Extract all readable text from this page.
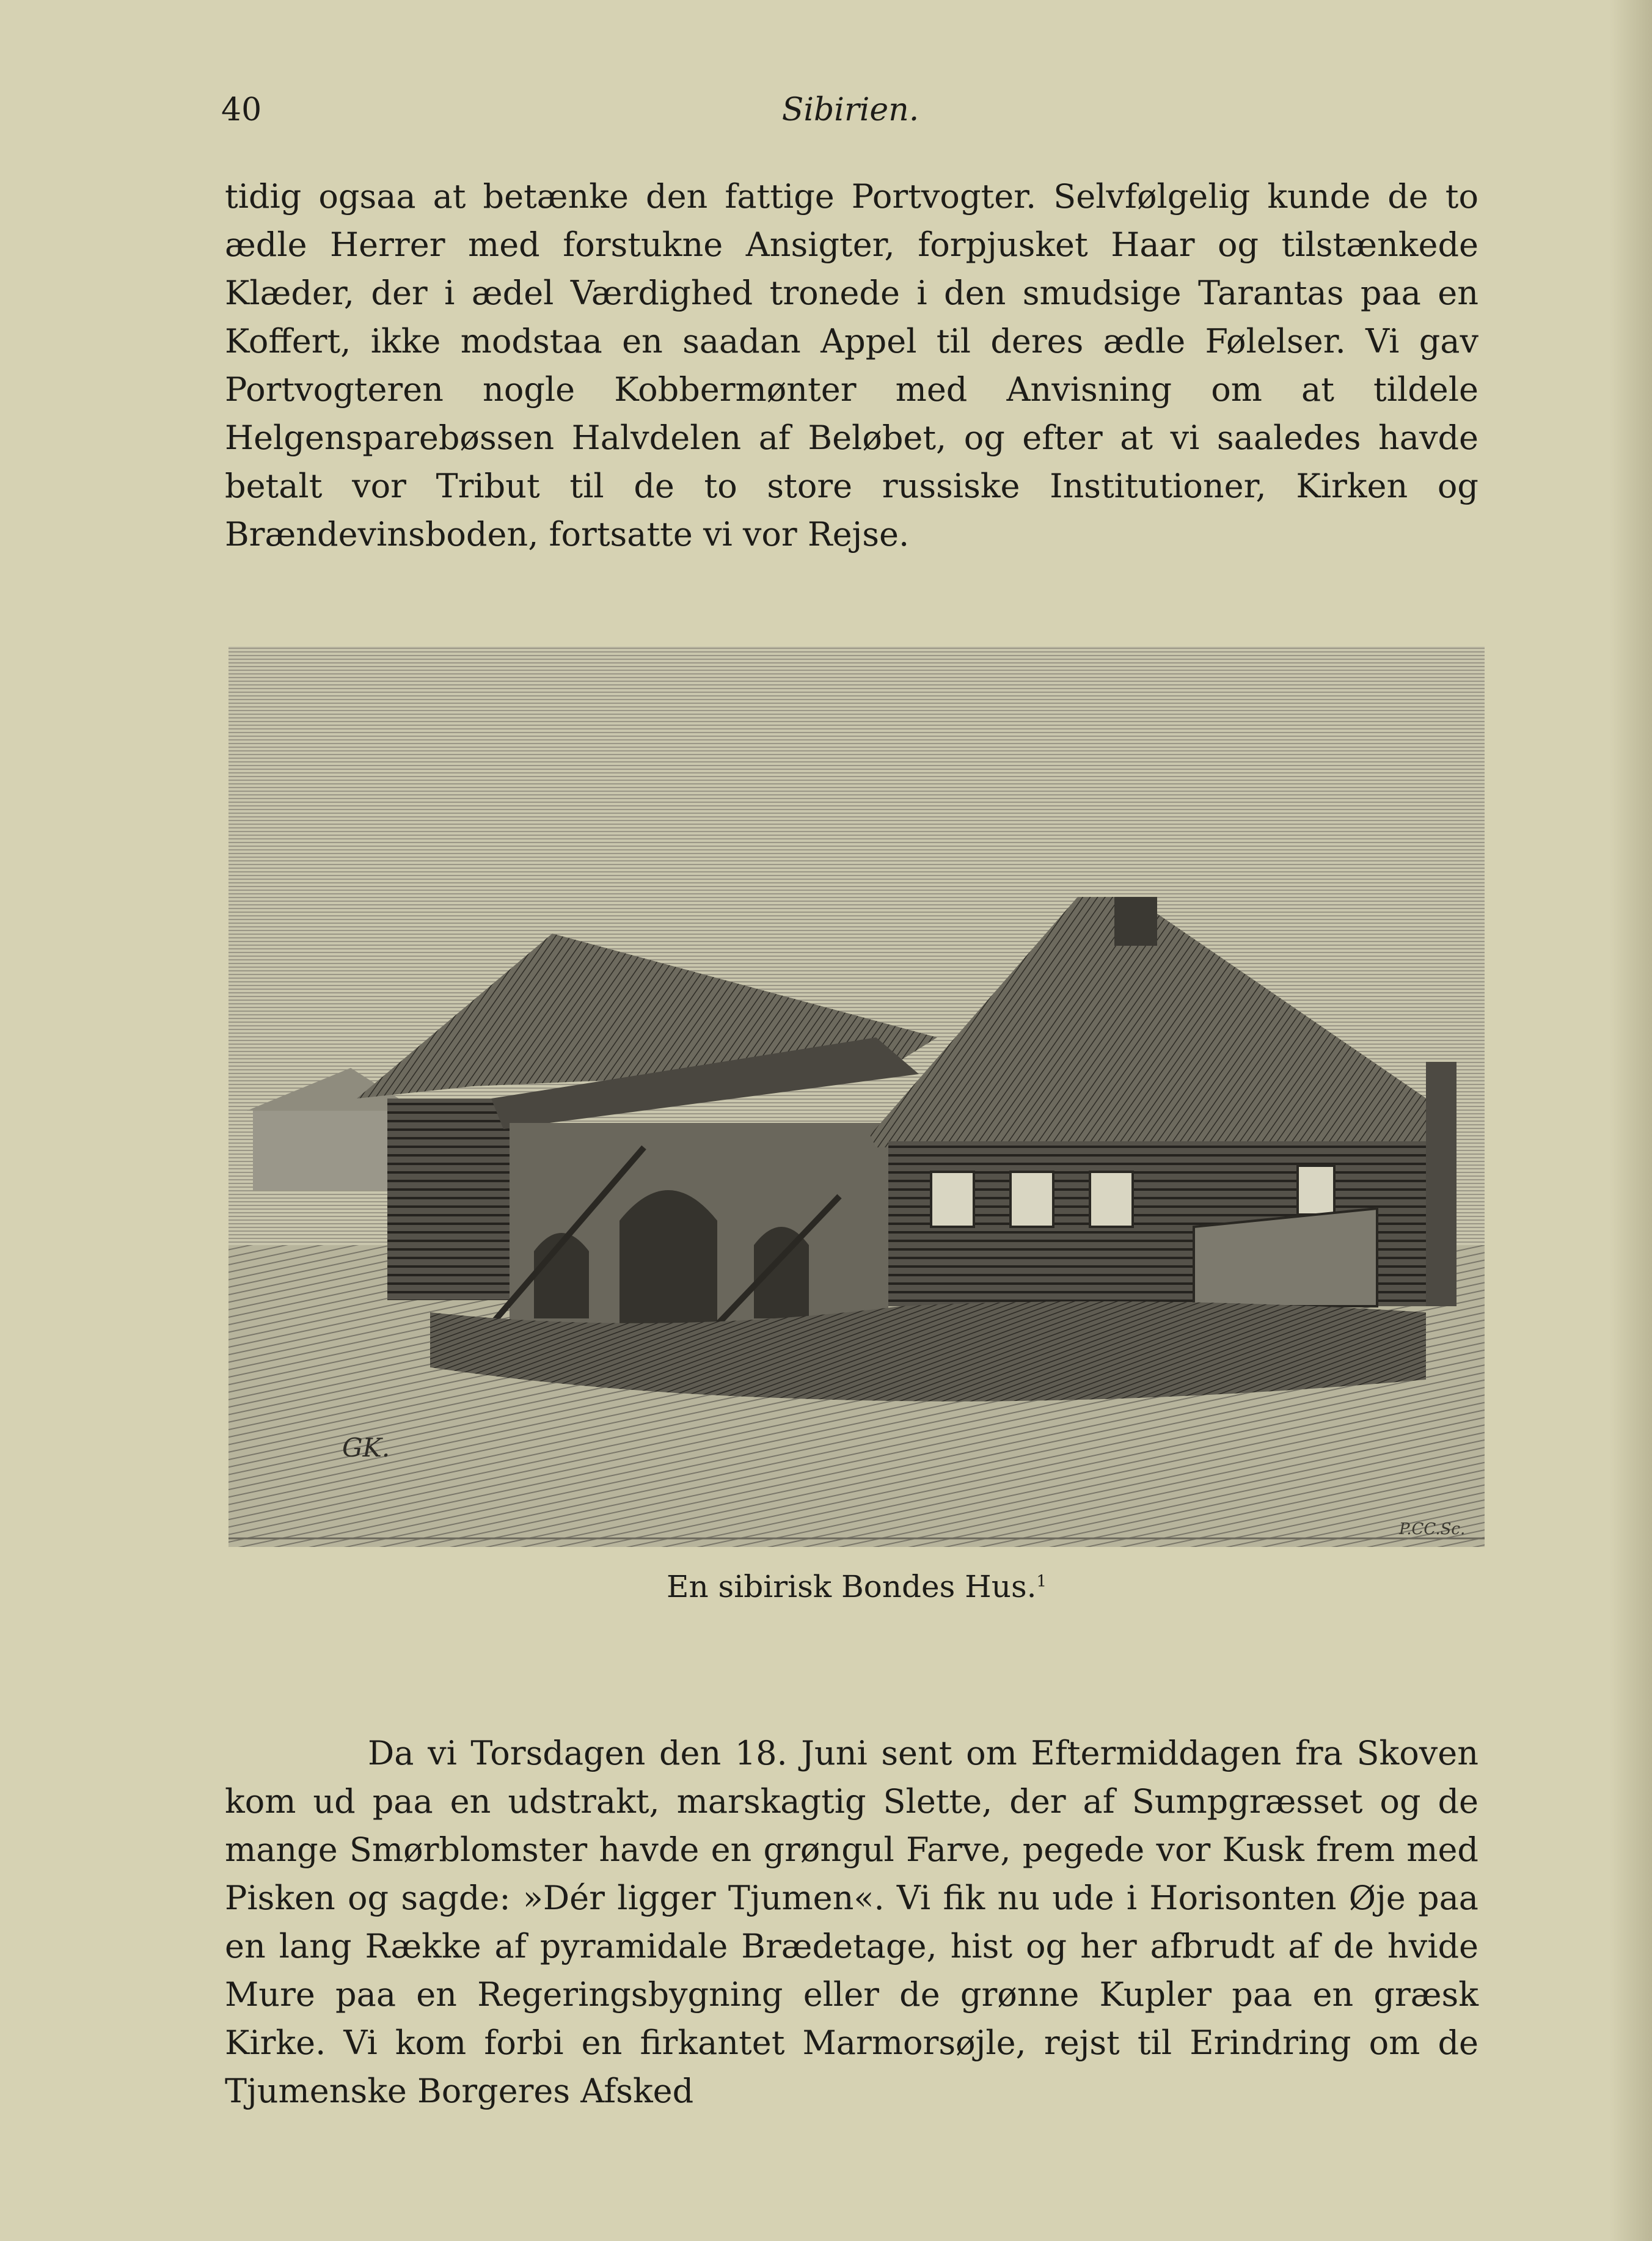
40	Sibirien.

tidig ogsaa at betænke den fattige Portvogter. Selvfølgelig kunde de to ædle Herrer med forstukne Ansigter, forpjusket Haar og tilstænkede Klæder, der i ædel Værdighed tronede i den smudsige Tarantas paa en Koffert, ikke modstaa en saadan Appel til deres ædle Følelser. Vi gav Portvogteren nogle Kobbermønter med Anvisning om at tildele Helgensparebøssen Halvdelen af Beløbet, og efter at vi saaledes havde betalt vor Tribut til de to store russiske Institutioner, Kirken og Brændevinsboden, fortsatte vi vor Rejse.

GK.
P.CC.Sc.
En sibirisk Bondes Hus.$^1$

Da vi Torsdagen den 18. Juni sent om Eftermiddagen fra Skoven kom ud paa en udstrakt, marskagtig Slette, der af Sumpgræsset og de mange Smørblomster havde en grøngul Farve, pegede vor Kusk frem med Pisken og sagde: »Dér ligger Tjumen«. Vi fik nu ude i Horisonten Øje paa en lang Række af pyramidale Brædetage, hist og her afbrudt af de hvide Mure paa en Regeringsbygning eller de grønne Kupler paa en græsk Kirke. Vi kom forbi en firkantet Marmorsøjle, rejst til Erindring om de Tjumenske Borgeres Afsked
